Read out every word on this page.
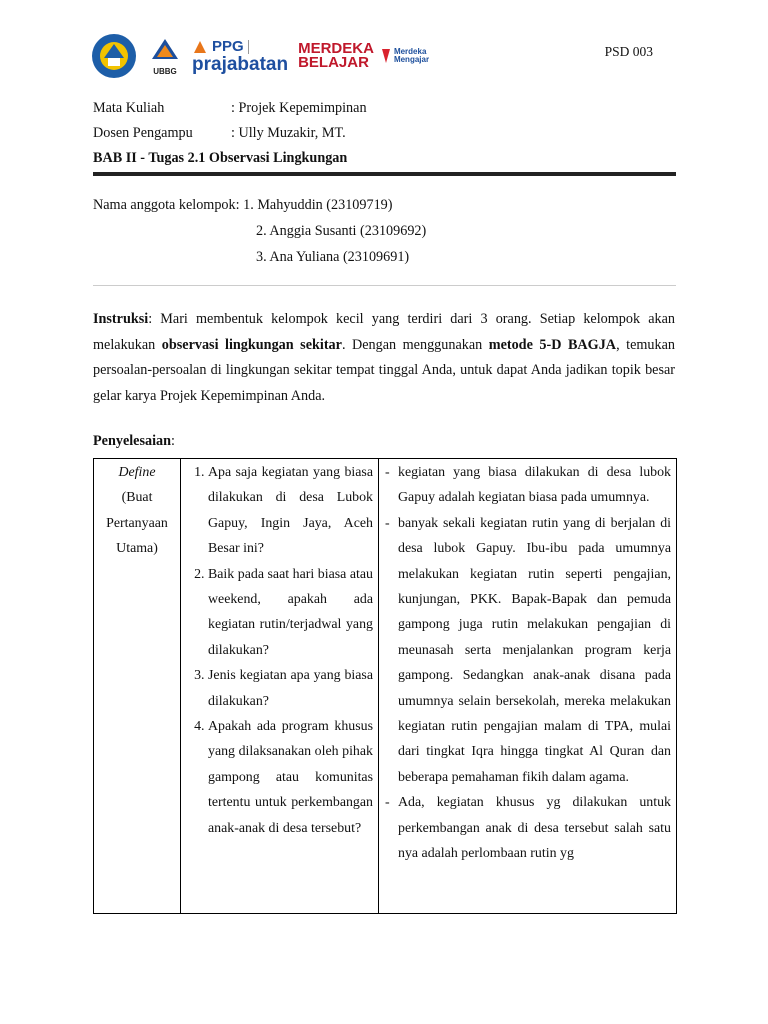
UBBG
PPG
prajabatan
MERDEKA
BELAJAR
Merdeka
Mengajar
PSD 003
Mata Kuliah	: Projek Kepemimpinan
Dosen Pengampu	: Ully Muzakir, MT.
BAB II - Tugas 2.1 Observasi Lingkungan
Nama anggota kelompok: 1. Mahyuddin (23109719)
2. Anggia Susanti (23109692)
3. Ana Yuliana (23109691)
Instruksi: Mari membentuk kelompok kecil yang terdiri dari 3 orang. Setiap kelompok akan melakukan observasi lingkungan sekitar. Dengan menggunakan metode 5-D BAGJA, temukan persoalan-persoalan di lingkungan sekitar tempat tinggal Anda, untuk dapat Anda jadikan topik besar gelar karya Projek Kepemimpinan Anda.
Penyelesaian:
Define
(Buat Pertanyaan Utama)

1. Apa saja kegiatan yang biasa dilakukan di desa Lubok Gapuy, Ingin Jaya, Aceh Besar ini?
2. Baik pada saat hari biasa atau weekend, apakah ada kegiatan rutin/terjadwal yang dilakukan?
3. Jenis kegiatan apa yang biasa dilakukan?
4. Apakah ada program khusus yang dilaksanakan oleh pihak gampong atau komunitas tertentu untuk perkembangan anak-anak di desa tersebut?

- kegiatan yang biasa dilakukan di desa lubok Gapuy adalah kegiatan biasa pada umumnya.
- banyak sekali kegiatan rutin yang di berjalan di desa lubok Gapuy. Ibu-ibu pada umumnya melakukan kegiatan rutin seperti pengajian, kunjungan, PKK. Bapak-Bapak dan pemuda gampong juga rutin melakukan pengajian di meunasah serta menjalankan program kerja gampong. Sedangkan anak-anak disana pada umumnya selain bersekolah, mereka melakukan kegiatan rutin pengajian malam di TPA, mulai dari tingkat Iqra hingga tingkat Al Quran dan beberapa pemahaman fikih dalam agama.
- Ada, kegiatan khusus yg dilakukan untuk perkembangan anak di desa tersebut salah satu nya adalah perlombaan rutin yg
